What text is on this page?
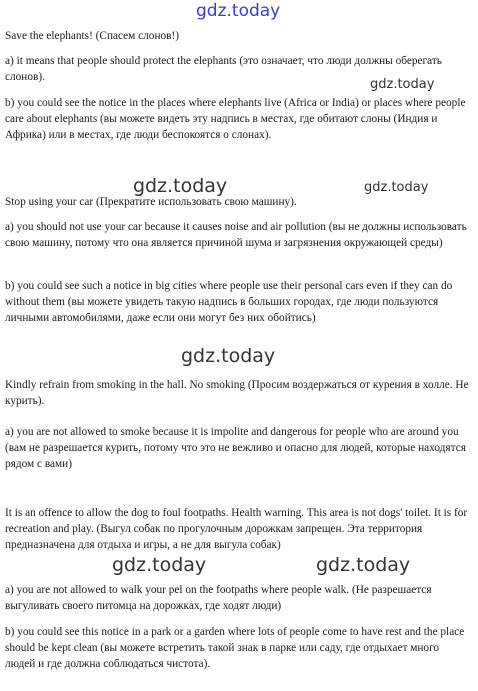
gdz.today

Save the elephants! (Спасем слонов!)

a) it means that people should protect the elephants (это означает, что люди должны оберегать слонов).	gdz.today

b) you could see the notice in the places where elephants live (Africa or India) or places where people care about elephants (вы можете видеть эту надпись в местах, где обитают слоны (Индия и Африка) или в местах, где люди беспокоятся о слонах).

gdz.today	gdz.today

Stop using your car (Прекратите использовать свою машину).

a) you should not use your car because it causes noise and air pollution (вы не должны использовать свою машину, потому что она является причиной шума и загрязнения окружающей среды)

b) you could see such a notice in big cities where people use their personal cars even if they can do without them (вы можете увидеть такую надпись в больших городах, где люди пользуются личными автомобилями, даже если они могут без них обойтись)

gdz.today

Kindly refrain from smoking in the hall. No smoking (Просим воздержаться от курения в холле. Не курить).

a) you are not allowed to smoke because it is impolite and dangerous for people who are around you (вам не разрешается курить, потому что это не вежливо и опасно для людей, которые находятся рядом с вами)

It is an offence to allow the dog to foul footpaths. Health warning. This area is not dogs' toilet. It is for recreation and play. (Выгул собак по прогулочным дорожкам запрещен. Эта территория предназначена для отдыха и игры, а не для выгула собак)

gdz.today	gdz.today

a) you are not allowed to walk your pel on the footpaths where people walk. (Не разрешается выгуливать своего питомца на дорожках, где ходят люди)

b) you could see this notice in a park or a garden where lots of people come to have rest and the place should be kept clean (вы можете встретить такой знак в парке или саду, где отдыхает много людей и где должна соблюдаться чистота).
